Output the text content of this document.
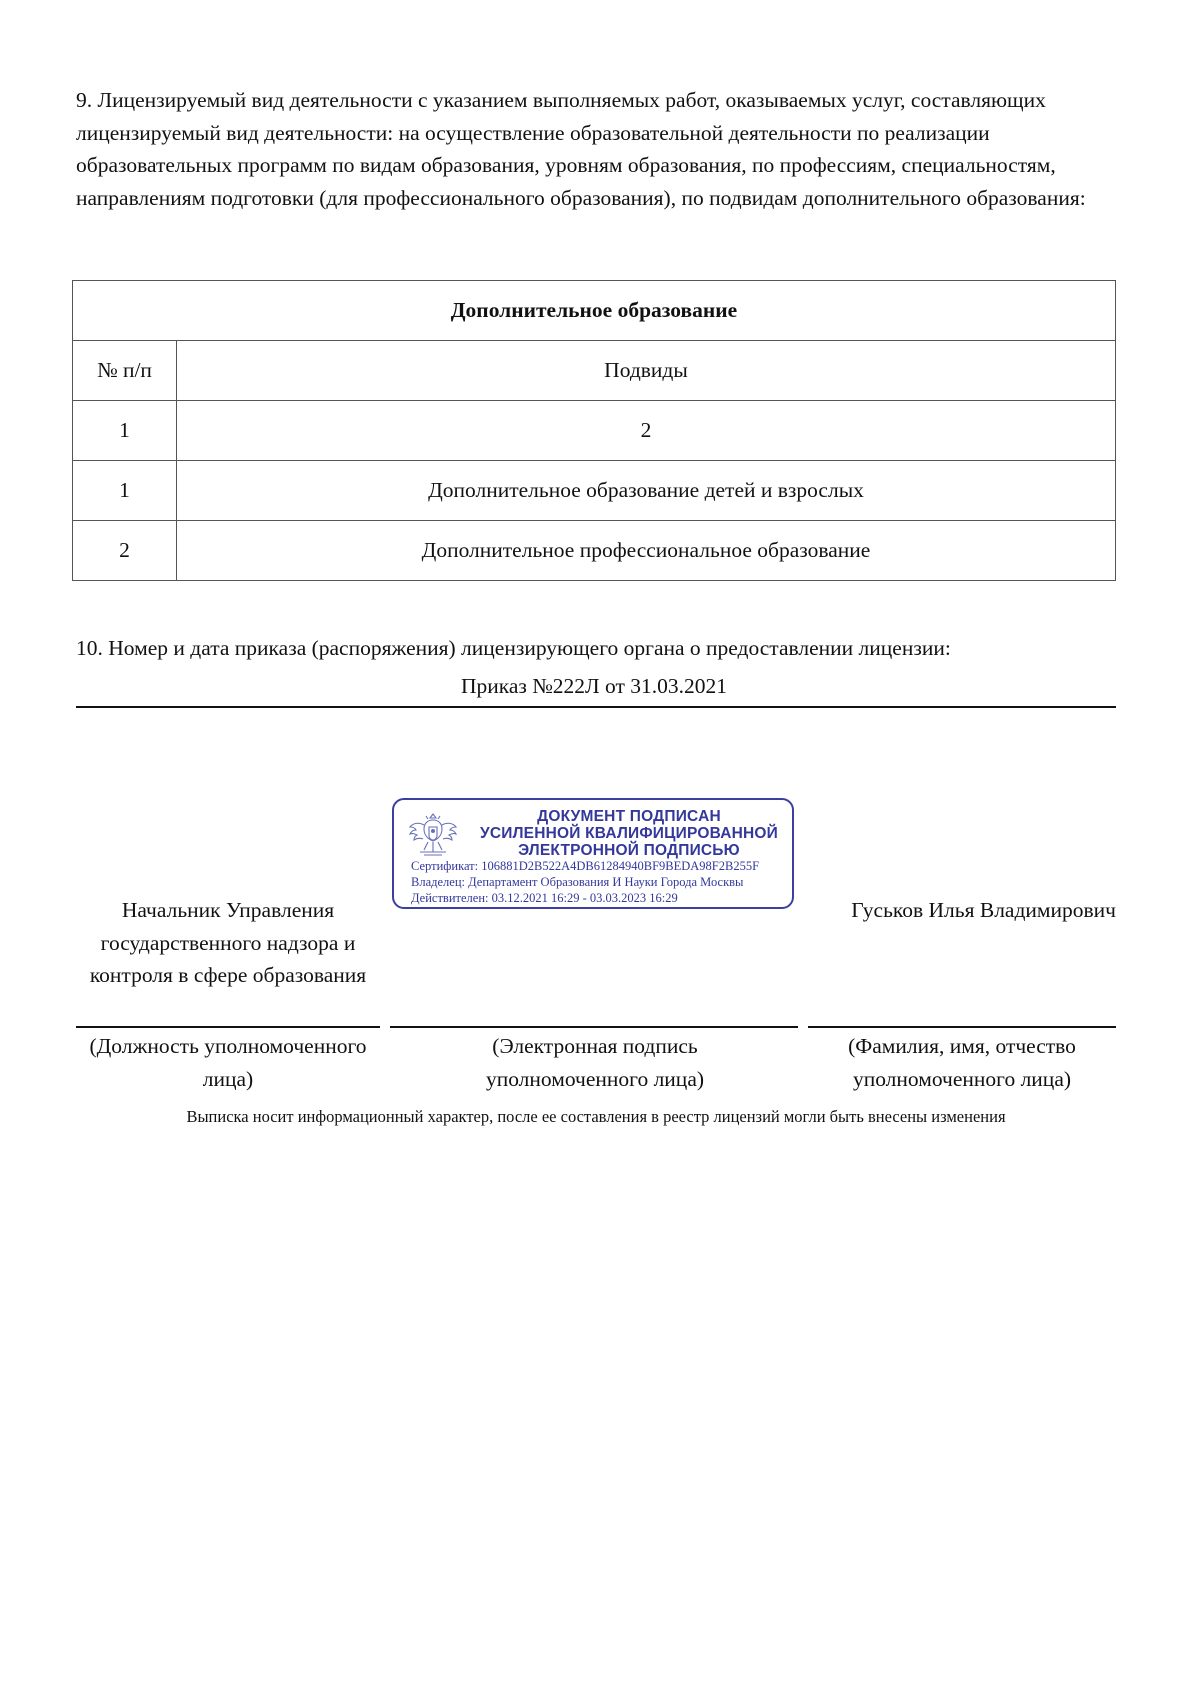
9. Лицензируемый вид деятельности с указанием выполняемых работ, оказываемых услуг, составляющих лицензируемый вид деятельности: на осуществление образовательной деятельности по реализации образовательных программ по видам образования, уровням образования, по профессиям, специальностям, направлениям подготовки (для профессионального образования), по подвидам дополнительного образования:
Дополнительное образование	
№ п/п	Подвиды
1	2
1	Дополнительное образование детей и взрослых
2	Дополнительное профессиональное образование
10. Номер и дата приказа (распоряжения) лицензирующего органа о предоставлении лицензии:
Приказ №222Л от 31.03.2021
ДОКУМЕНТ ПОДПИСАН
УСИЛЕННОЙ КВАЛИФИЦИРОВАННОЙ
ЭЛЕКТРОННОЙ ПОДПИСЬЮ
Сертификат: 106881D2B522A4DB61284940BF9BEDA98F2B255F
Владелец: Департамент Образования И Науки Города Москвы
Действителен: 03.12.2021 16:29 - 03.03.2023 16:29
Начальник Управления государственного надзора и контроля в сфере образования
Гуськов Илья Владимирович
(Должность уполномоченного лица)
(Электронная подпись уполномоченного лица)
(Фамилия, имя, отчество уполномоченного лица)
Выписка носит информационный характер, после ее составления в реестр лицензий могли быть внесены изменения
